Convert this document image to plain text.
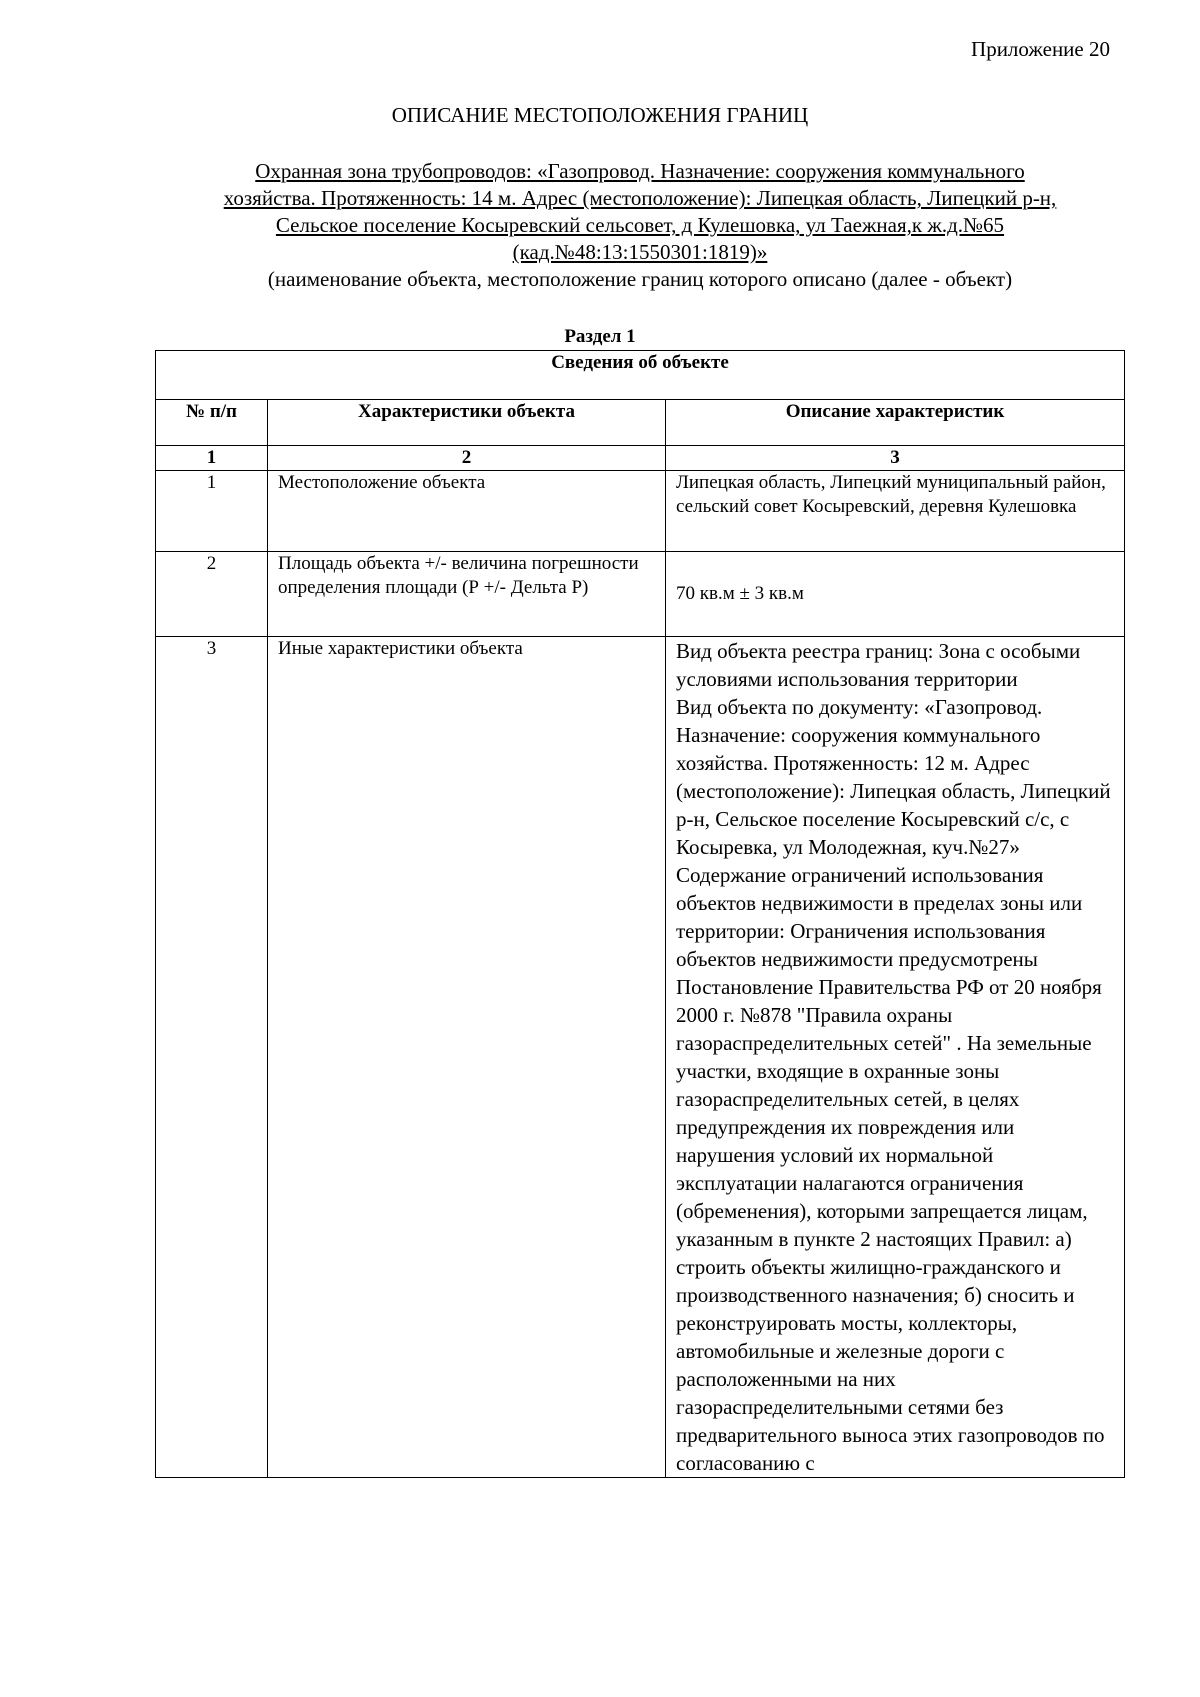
Приложение 20
ОПИСАНИЕ МЕСТОПОЛОЖЕНИЯ ГРАНИЦ
Охранная зона трубопроводов: «Газопровод. Назначение: сооружения коммунального
хозяйства. Протяженность: 14 м. Адрес (местоположение): Липецкая область, Липецкий р-н,
Сельское поселение Косыревский сельсовет, д Кулешовка, ул Таежная,к ж.д.№65
(кад.№48:13:1550301:1819)»
(наименование объекта, местоположение границ которого описано (далее - объект)
Раздел 1
Сведения об объекте		
№ п/п	Характеристики объекта	Описание характеристик
1	2	3
1	Местоположение объекта	Липецкая область, Липецкий муниципальный район, сельский совет Косыревский, деревня Кулешовка
2	Площадь объекта +/- величина погрешности определения площади (Р +/- Дельта Р)	70 кв.м ± 3 кв.м
3	Иные характеристики объекта	Вид объекта реестра границ: Зона с особыми условиями использования территории
Вид объекта по документу: «Газопровод. Назначение: сооружения коммунального хозяйства. Протяженность: 12 м. Адрес (местоположение): Липецкая область, Липецкий р-н, Сельское поселение Косыревский с/с, с Косыревка, ул Молодежная, куч.№27»
Содержание ограничений использования объектов недвижимости в пределах зоны или территории: Ограничения использования объектов недвижимости предусмотрены Постановление Правительства РФ от 20 ноября 2000 г. №878 "Правила охраны газораспределительных сетей" . На земельные участки, входящие в охранные зоны газораспределительных сетей, в целях предупреждения их повреждения или нарушения условий их нормальной эксплуатации налагаются ограничения (обременения), которыми запрещается лицам, указанным в пункте 2 настоящих Правил: а) строить объекты жилищно-гражданского и производственного назначения; б) сносить и реконструировать мосты, коллекторы, автомобильные и железные дороги с расположенными на них газораспределительными сетями без предварительного выноса этих газопроводов по согласованию с
